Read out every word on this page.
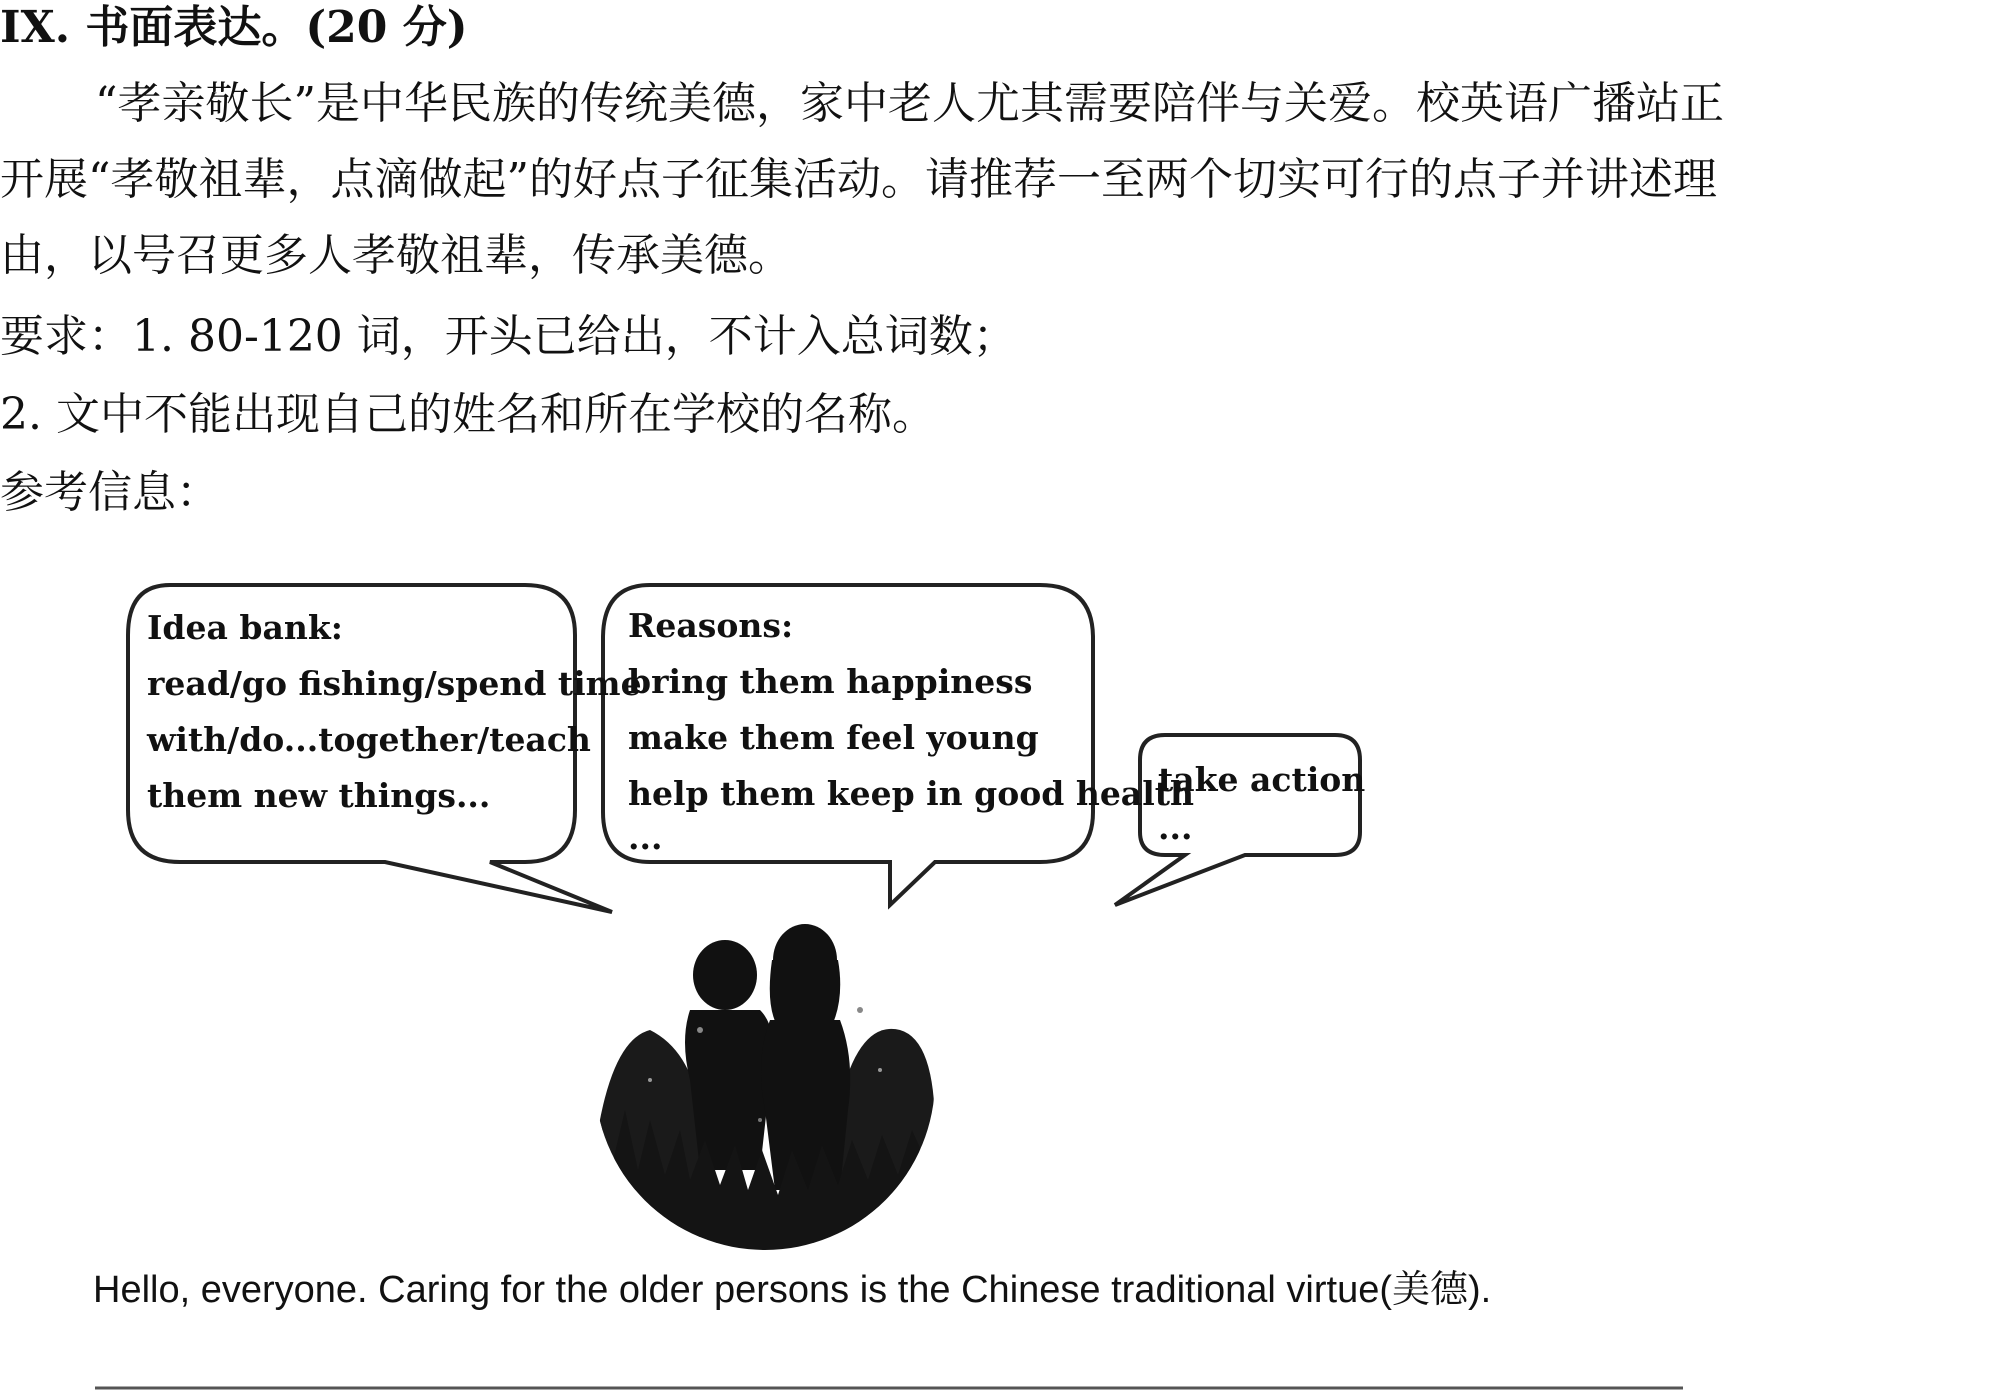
IX. 书面表达。(20 分)
“孝亲敬长”是中华民族的传统美德，家中老人尤其需要陪伴与关爱。校英语广播站正
开展“孝敬祖辈，点滴做起”的好点子征集活动。请推荐一至两个切实可行的点子并讲述理
由，以号召更多人孝敬祖辈，传承美德。
要求：1. 80-120 词，开头已给出，不计入总词数；
2. 文中不能出现自己的姓名和所在学校的名称。
参考信息：
Idea bank:
read/go fishing/spend time
with/do...together/teach
them new things...
Reasons:
bring them happiness
make them feel young
help them keep in good health
...
take action
...
Hello, everyone. Caring for the older persons is the Chinese traditional virtue(美德).
